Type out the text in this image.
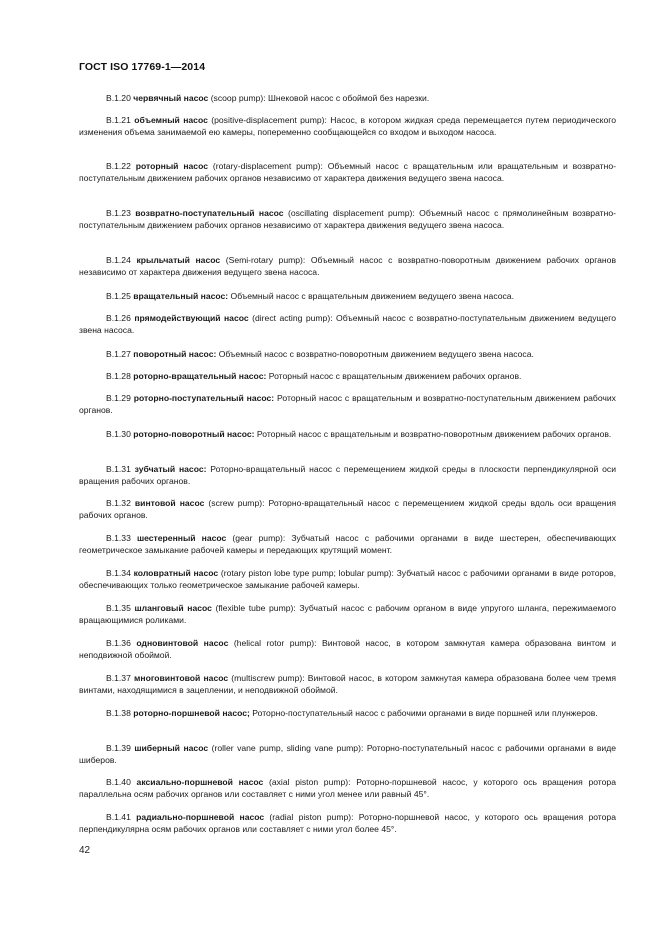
ГОСТ ISO 17769-1—2014

B.1.20 червячный насос (scoop pump): Шнековой насос с обоймой без нарезки.

B.1.21 объемный насос (positive-displacement pump): Насос, в котором жидкая среда перемещается путем периодического изменения объема занимаемой ею камеры, попеременно сообщающейся со входом и выходом насоса.

B.1.22 роторный насос (rotary-displacement pump): Объемный насос с вращательным или вращательным и возвратно-поступательным движением рабочих органов независимо от характера движения ведущего звена насоса.

B.1.23 возвратно-поступательный насос (oscillating displacement pump): Объемный насос с прямолинейным возвратно-поступательным движением рабочих органов независимо от характера движения ведущего звена насоса.

B.1.24 крыльчатый насос (Semi-rotary pump): Объемный насос с возвратно-поворотным движением рабочих органов независимо от характера движения ведущего звена насоса.

B.1.25 вращательный насос: Объемный насос с вращательным движением ведущего звена насоса.

B.1.26 прямодействующий насос (direct acting pump): Объемный насос с возвратно-поступательным движением ведущего звена насоса.

B.1.27 поворотный насос: Объемный насос с возвратно-поворотным движением ведущего звена насоса.

B.1.28 роторно-вращательный насос: Роторный насос с вращательным движением рабочих органов.

B.1.29 роторно-поступательный насос: Роторный насос с вращательным и возвратно-поступательным движением рабочих органов.

B.1.30 роторно-поворотный насос: Роторный насос с вращательным и возвратно-поворотным движением рабочих органов.

B.1.31 зубчатый насос: Роторно-вращательный насос с перемещением жидкой среды в плоскости перпендикулярной оси вращения рабочих органов.

B.1.32 винтовой насос (screw pump): Роторно-вращательный насос с перемещением жидкой среды вдоль оси вращения рабочих органов.

B.1.33 шестеренный насос (gear pump): Зубчатый насос с рабочими органами в виде шестерен, обеспечивающих геометрическое замыкание рабочей камеры и передающих крутящий момент.

B.1.34 коловратный насос (rotary piston lobe type pump; lobular pump): Зубчатый насос с рабочими органами в виде роторов, обеспечивающих только геометрическое замыкание рабочей камеры.

B.1.35 шланговый насос (flexible tube pump): Зубчатый насос с рабочим органом в виде упругого шланга, пережимаемого вращающимися роликами.

B.1.36 одновинтовой насос (helical rotor pump): Винтовой насос, в котором замкнутая камера образована винтом и неподвижной обоймой.

B.1.37 многовинтовой насос (multiscrew pump): Винтовой насос, в котором замкнутая камера образована более чем тремя винтами, находящимися в зацеплении, и неподвижной обоймой.

B.1.38 роторно-поршневой насос; Роторно-поступательный насос с рабочими органами в виде поршней или плунжеров.

B.1.39 шиберный насос (roller vane pump, sliding vane pump): Роторно-поступательный насос с рабочими органами в виде шиберов.

B.1.40 аксиально-поршневой насос (axial piston pump): Роторно-поршневой насос, у которого ось вращения ротора параллельна осям рабочих органов или составляет с ними угол менее или равный 45°.

B.1.41 радиально-поршневой насос (radial piston pump): Роторно-поршневой насос, у которого ось вращения ротора перпендикулярна осям рабочих органов или составляет с ними угол более 45°.

42
